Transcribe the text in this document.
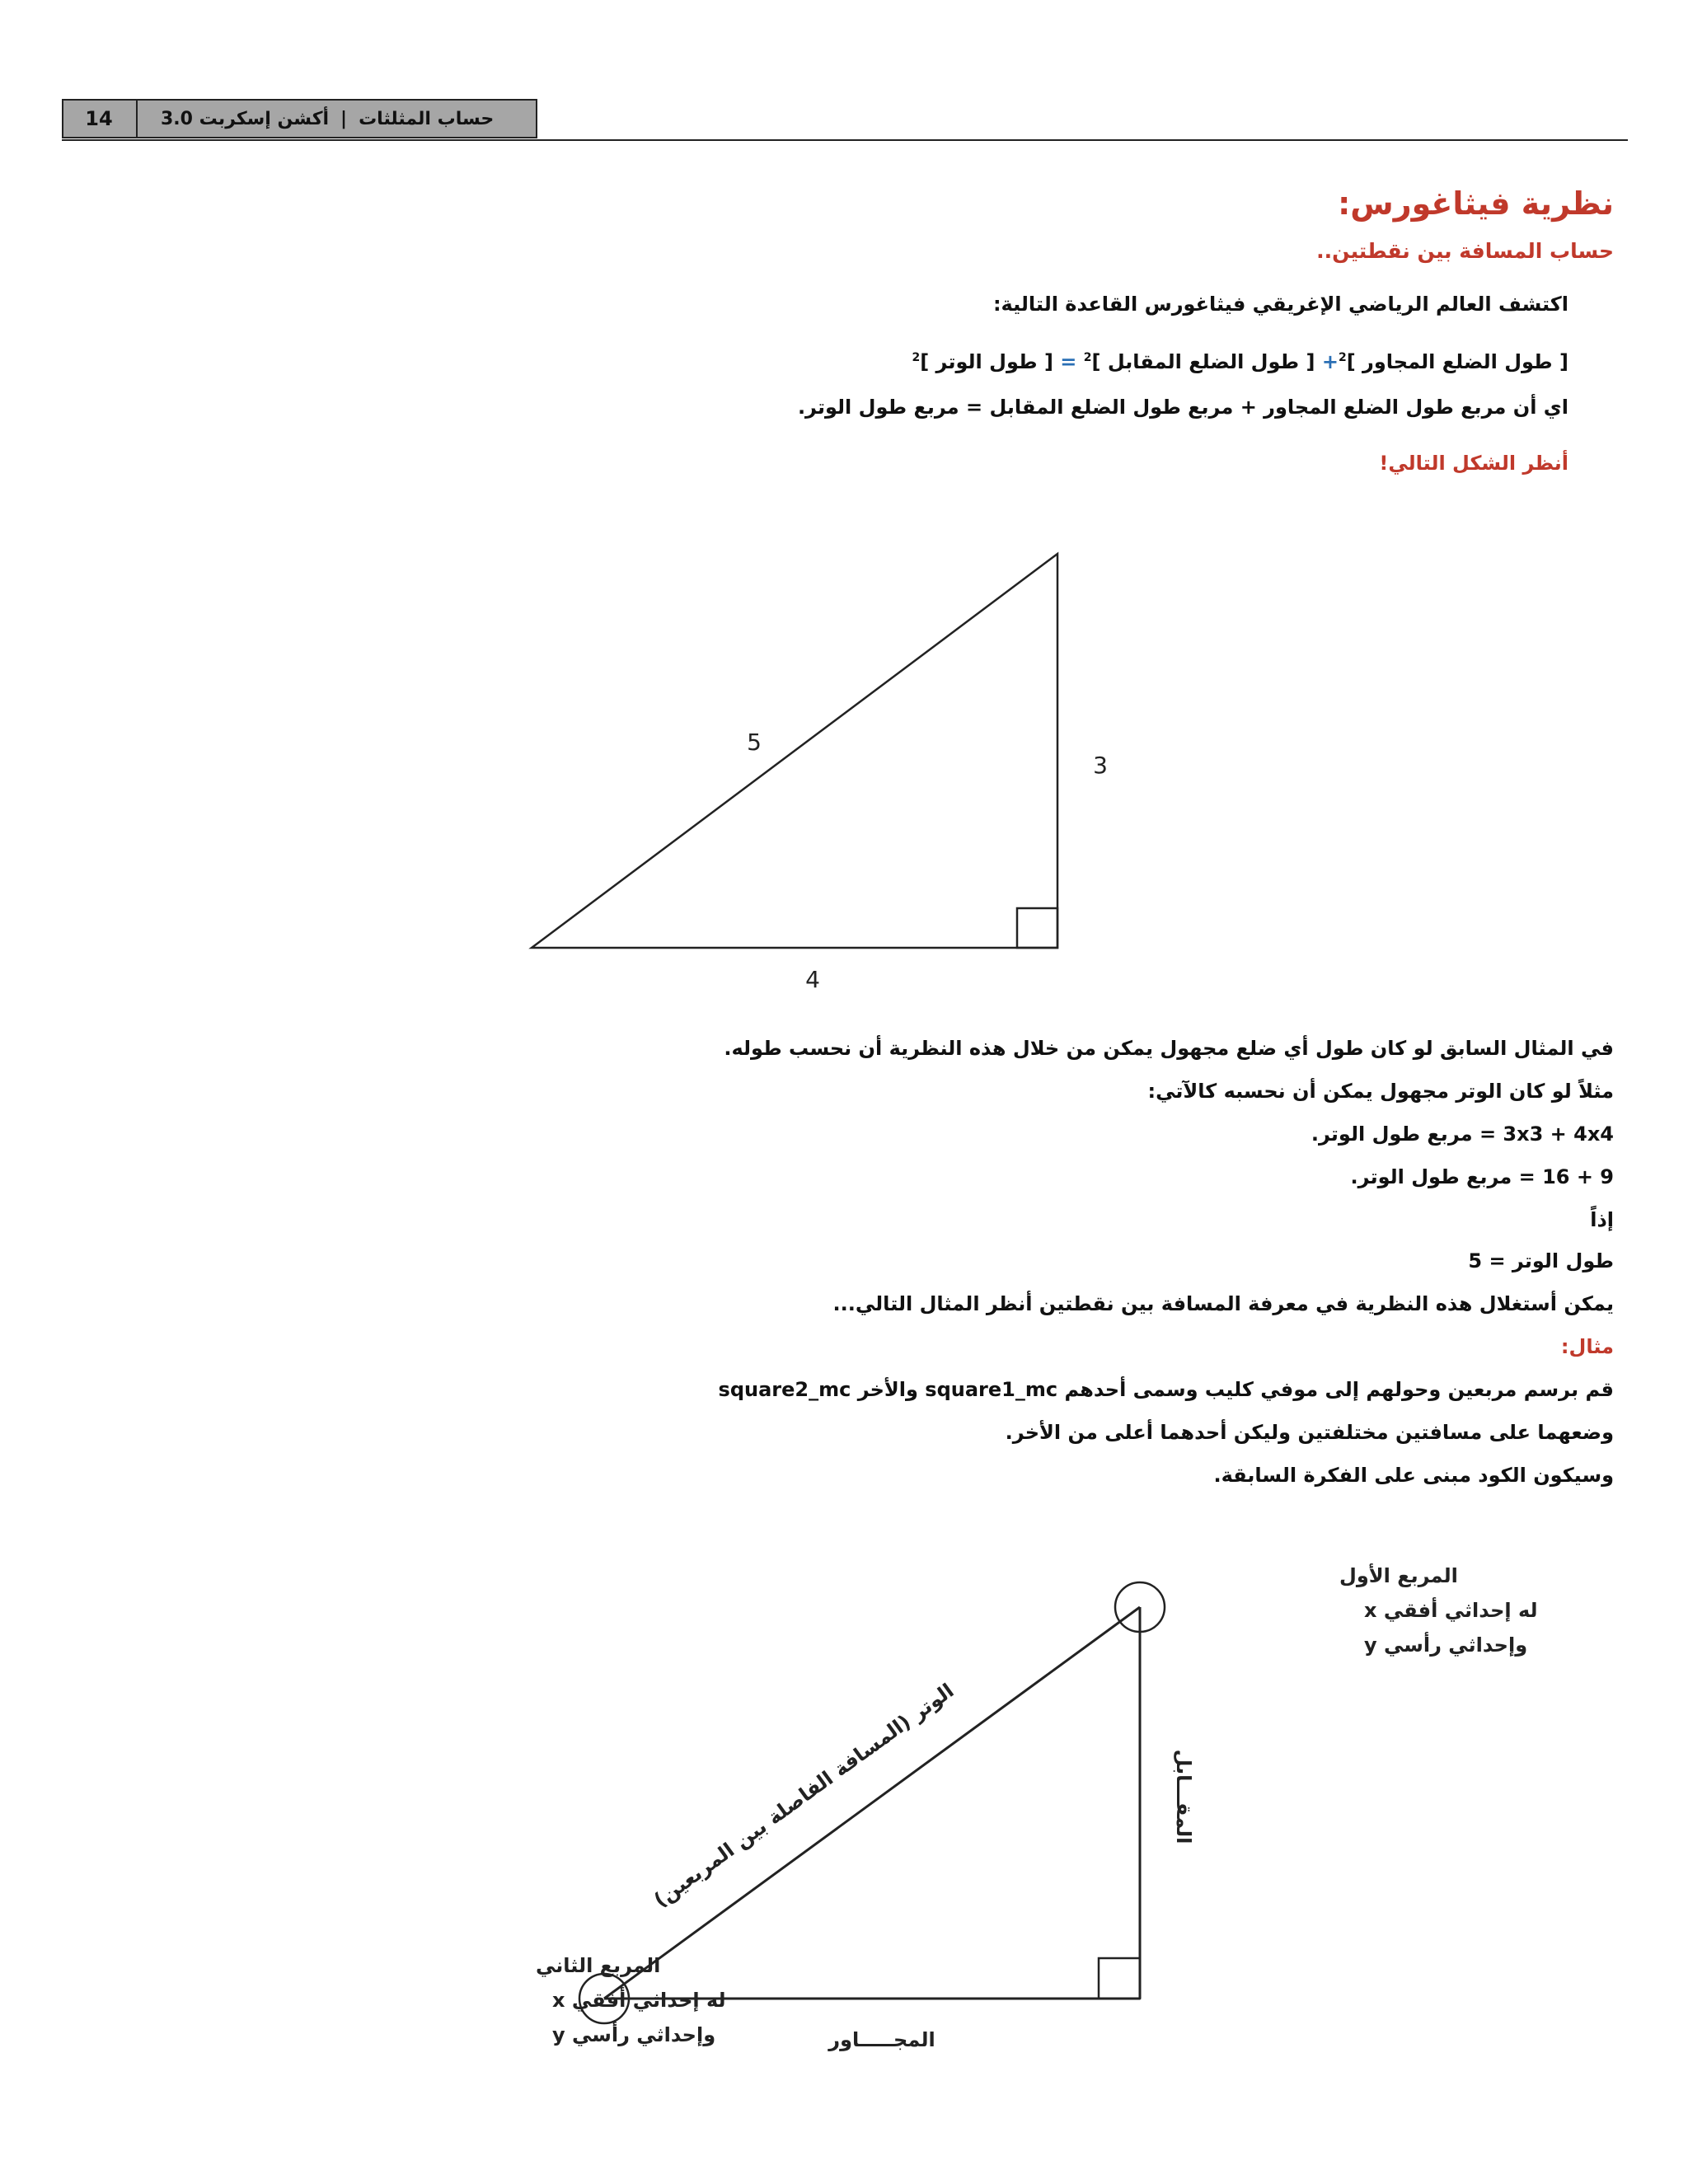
14	حساب المثلثات
|
أكشن إسكربت 3.0
نظرية فيثاغورس:
حساب المسافة بين نقطتين..
اكتشف العالم الرياضي الإغريقي فيثاغورس القاعدة التالية:
[ طول الضلع المجاور ]$^2$+ [ طول الضلع المقابل ]$^2$ = [ طول الوتر ]$^2$
اي أن مربع طول الضلع المجاور + مربع طول الضلع المقابل = مربع طول الوتر.
أنظر الشكل التالي!
5
3
4
في المثال السابق لو كان طول أي ضلع مجهول يمكن من خلال هذه النظرية أن نحسب طوله.
مثلاً لو كان الوتر مجهول يمكن أن نحسبه كالآتي:
3x3 + 4x4 = مربع طول الوتر.
9 + 16 = مربع طول الوتر.
إذاً
طول الوتر = 5
يمكن أستغلال هذه النظرية في معرفة المسافة بين نقطتين أنظر المثال التالي...
مثال:
قم برسم مربعين وحولهم إلى موفي كليب وسمى أحدهم square1_mc والأخر square2_mc
وضعهما على مسافتين مختلفتين وليكن أحدهما أعلى من الأخر.
وسيكون الكود مبنى على الفكرة السابقة.
المربع الأول
له إحداثي أفقي x
وإحداثي رأسي y
المربع الثاني
له إحداثي أفقي x
وإحداثي رأسي y
الوتر (المسافة الفاصلة بين المربعين)	المقـــابل
المجـــــاور
